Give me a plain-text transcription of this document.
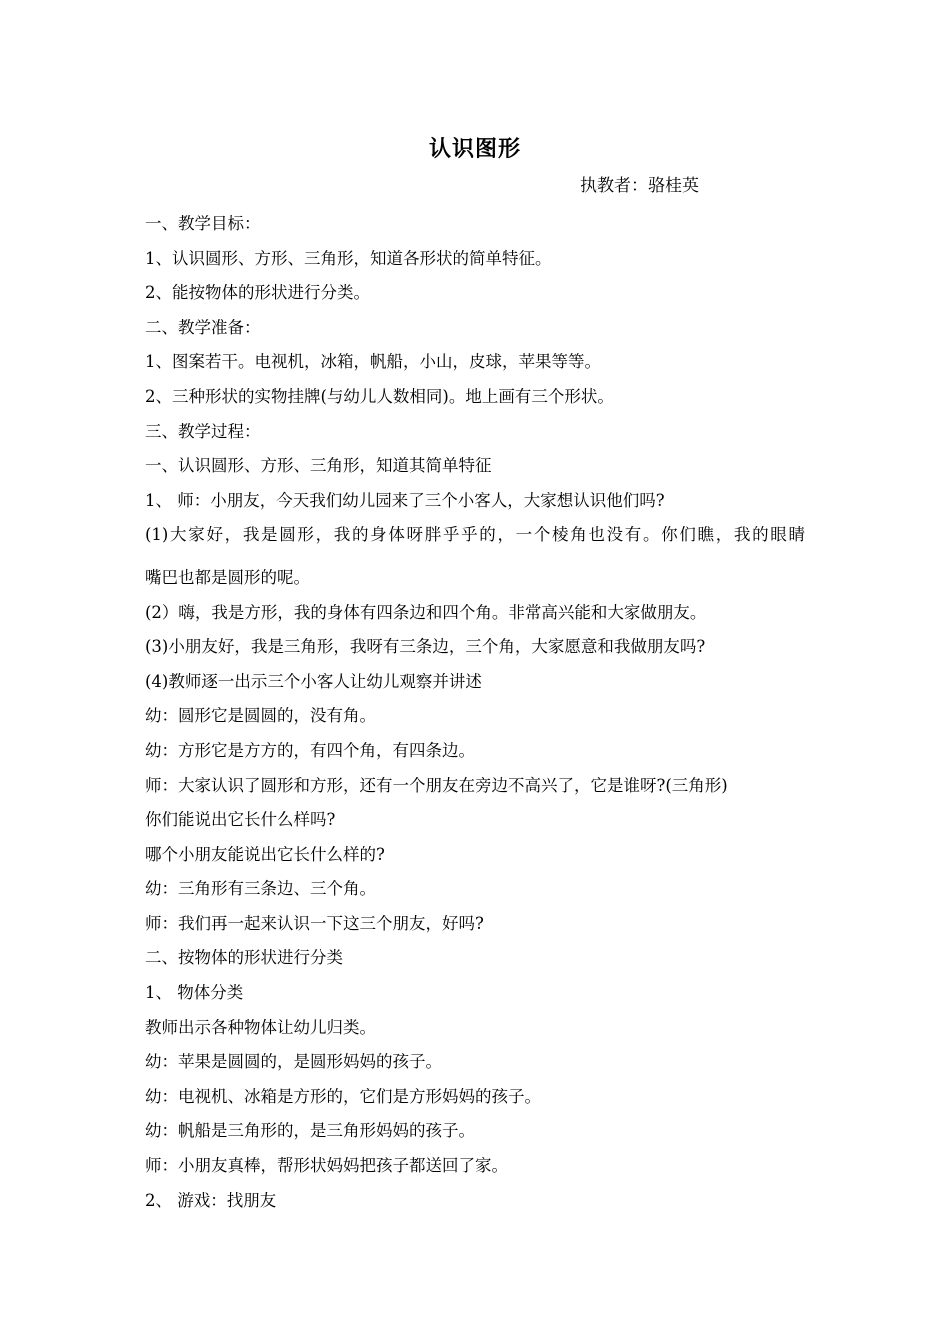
认识图形
执教者：骆桂英

一、教学目标：

1、认识圆形、方形、三角形，知道各形状的简单特征。

2、能按物体的形状进行分类。

二、教学准备：

1、图案若干。电视机，冰箱，帆船，小山，皮球，苹果等等。

2、三种形状的实物挂牌(与幼儿人数相同)。地上画有三个形状。

三、教学过程：

一、认识圆形、方形、三角形，知道其简单特征

1、 师：小朋友，今天我们幼儿园来了三个小客人，大家想认识他们吗?

(1)大家好，我是圆形，我的身体呀胖乎乎的，一个棱角也没有。你们瞧，我的眼睛

嘴巴也都是圆形的呢。

(2）嗨，我是方形，我的身体有四条边和四个角。非常高兴能和大家做朋友。

(3)小朋友好，我是三角形，我呀有三条边，三个角，大家愿意和我做朋友吗?

(4)教师逐一出示三个小客人让幼儿观察并讲述

幼：圆形它是圆圆的，没有角。

幼：方形它是方方的，有四个角，有四条边。

师：大家认识了圆形和方形，还有一个朋友在旁边不高兴了，它是谁呀?(三角形)

你们能说出它长什么样吗?

哪个小朋友能说出它长什么样的?

幼：三角形有三条边、三个角。

师：我们再一起来认识一下这三个朋友，好吗?

二、按物体的形状进行分类

1、 物体分类

教师出示各种物体让幼儿归类。

幼：苹果是圆圆的，是圆形妈妈的孩子。

幼：电视机、冰箱是方形的，它们是方形妈妈的孩子。

幼：帆船是三角形的，是三角形妈妈的孩子。

师：小朋友真棒，帮形状妈妈把孩子都送回了家。

2、 游戏：找朋友
